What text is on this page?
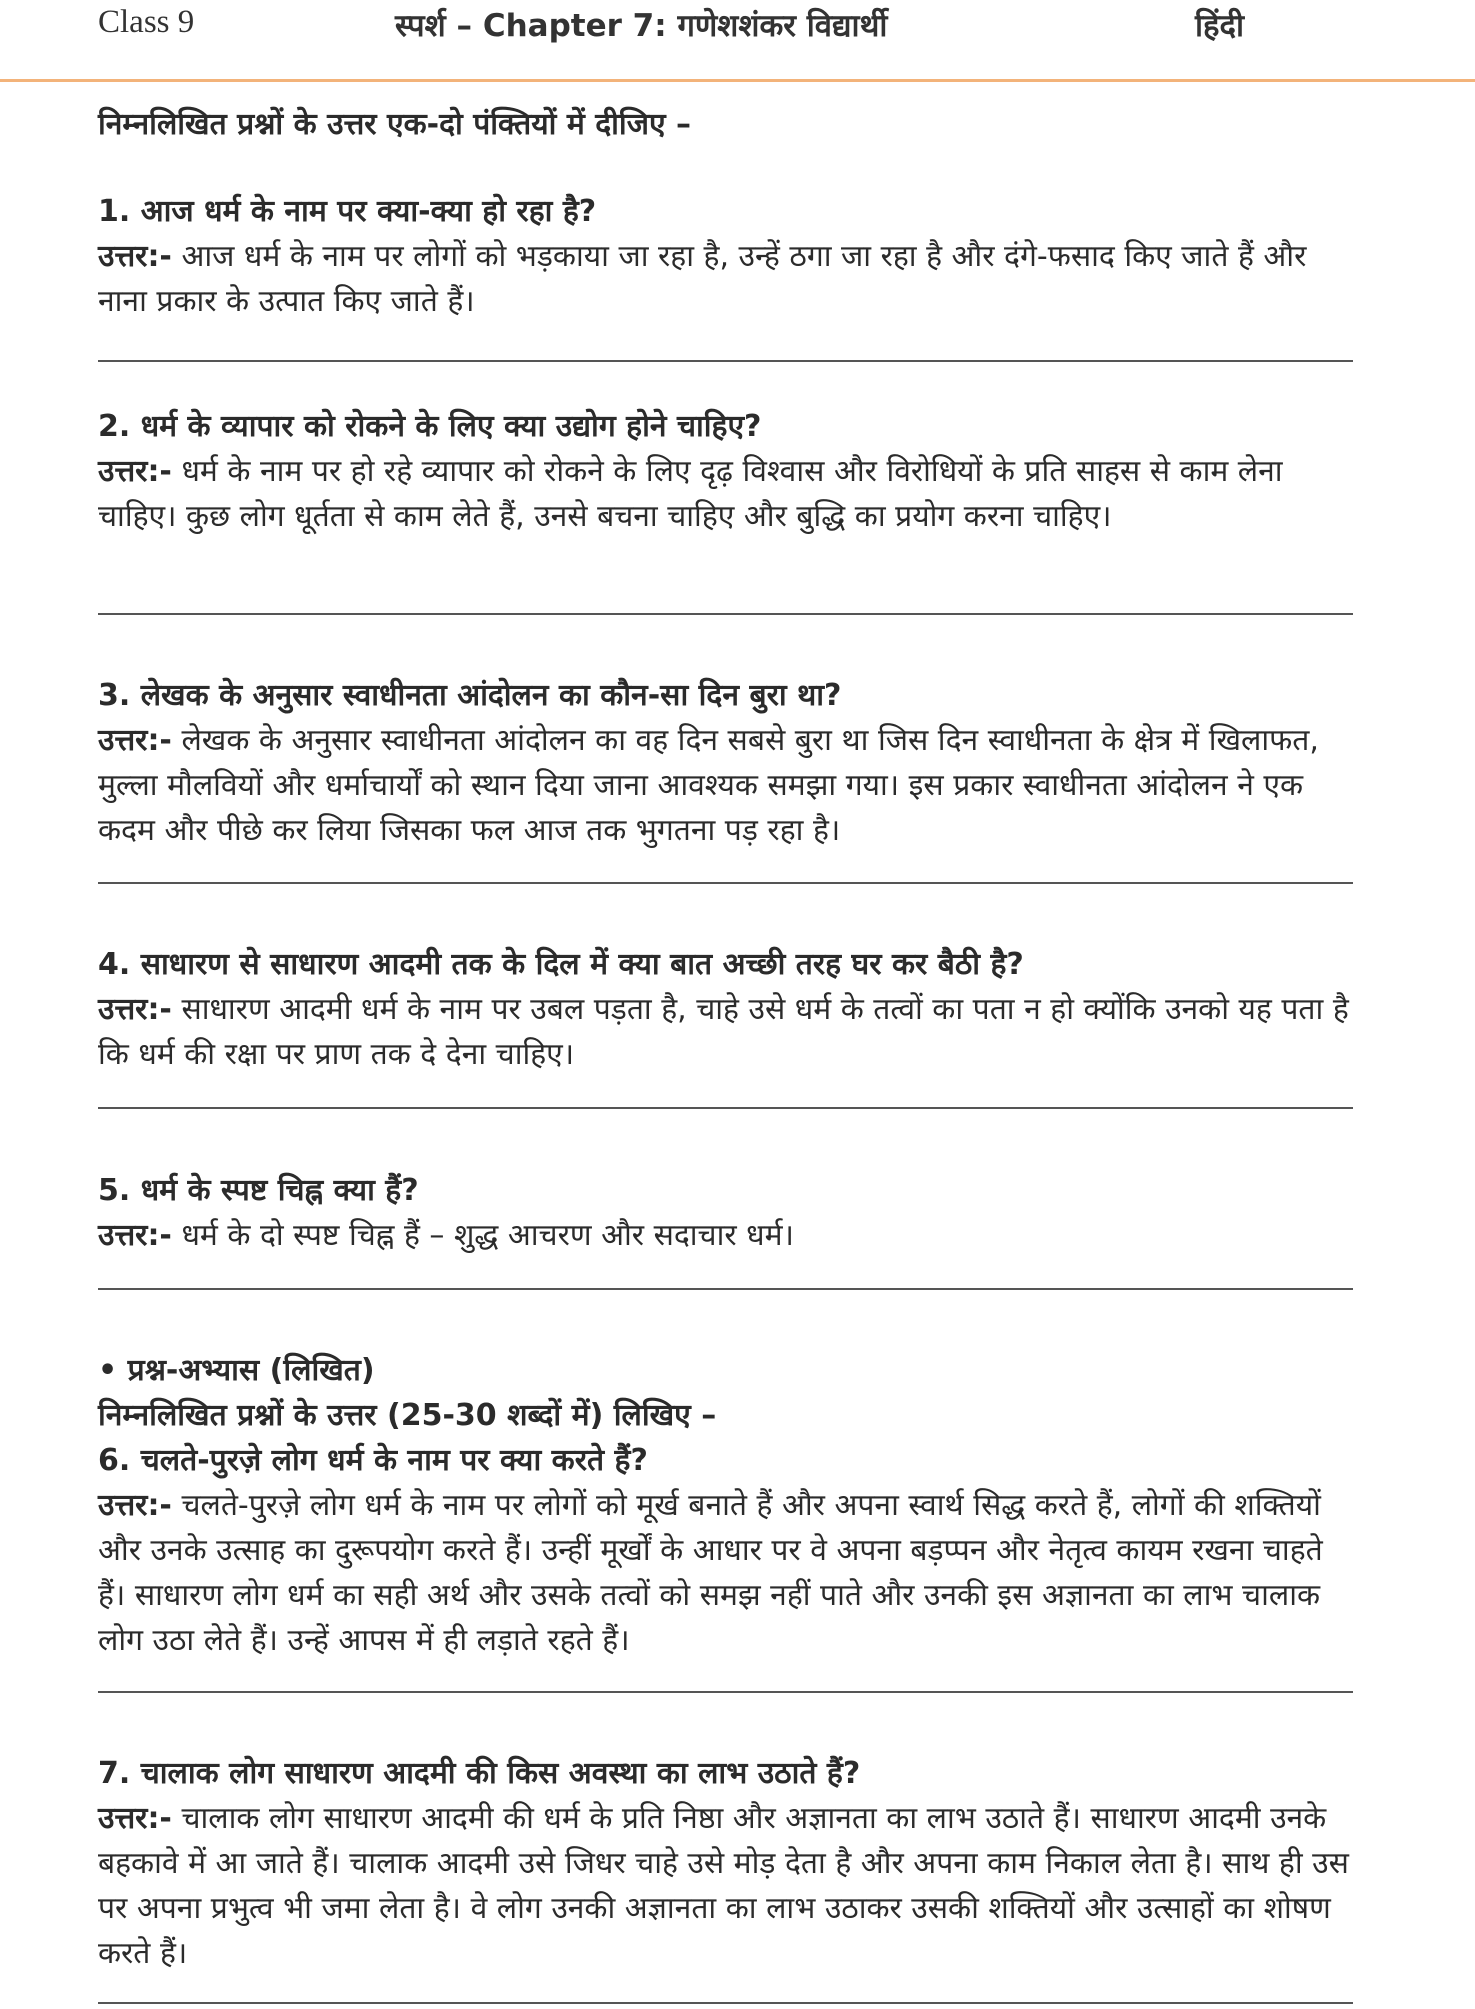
Class 9	स्पर्श – Chapter 7: गणेशशंकर विद्यार्थी	हिंदी
निम्नलिखित प्रश्नों के उत्तर एक-दो पंक्तियों में दीजिए –
1. आज धर्म के नाम पर क्या-क्या हो रहा है?
उत्तर:- आज धर्म के नाम पर लोगों को भड़काया जा रहा है, उन्हें ठगा जा रहा है और दंगे-फसाद किए जाते हैं और नाना प्रकार के उत्पात किए जाते हैं।
2. धर्म के व्यापार को रोकने के लिए क्या उद्योग होने चाहिए?
उत्तर:- धर्म के नाम पर हो रहे व्यापार को रोकने के लिए दृढ़ विश्वास और विरोधियों के प्रति साहस से काम लेना चाहिए। कुछ लोग धूर्तता से काम लेते हैं, उनसे बचना चाहिए और बुद्धि का प्रयोग करना चाहिए।
3. लेखक के अनुसार स्वाधीनता आंदोलन का कौन-सा दिन बुरा था?
उत्तर:- लेखक के अनुसार स्वाधीनता आंदोलन का वह दिन सबसे बुरा था जिस दिन स्वाधीनता के क्षेत्र में खिलाफत, मुल्ला मौलवियों और धर्माचार्यों को स्थान दिया जाना आवश्यक समझा गया। इस प्रकार स्वाधीनता आंदोलन ने एक कदम और पीछे कर लिया जिसका फल आज तक भुगतना पड़ रहा है।
4. साधारण से साधारण आदमी तक के दिल में क्या बात अच्छी तरह घर कर बैठी है?
उत्तर:- साधारण आदमी धर्म के नाम पर उबल पड़ता है, चाहे उसे धर्म के तत्वों का पता न हो क्योंकि उनको यह पता है कि धर्म की रक्षा पर प्राण तक दे देना चाहिए।
5. धर्म के स्पष्ट चिह्न क्या हैं?
उत्तर:- धर्म के दो स्पष्ट चिह्न हैं – शुद्ध आचरण और सदाचार धर्म।
• प्रश्न-अभ्यास (लिखित)
निम्नलिखित प्रश्नों के उत्तर (25-30 शब्दों में) लिखिए –
6. चलते-पुरज़े लोग धर्म के नाम पर क्या करते हैं?
उत्तर:- चलते-पुरज़े लोग धर्म के नाम पर लोगों को मूर्ख बनाते हैं और अपना स्वार्थ सिद्ध करते हैं, लोगों की शक्तियों और उनके उत्साह का दुरूपयोग करते हैं। उन्हीं मूर्खों के आधार पर वे अपना बड़प्पन और नेतृत्व कायम रखना चाहते हैं। साधारण लोग धर्म का सही अर्थ और उसके तत्वों को समझ नहीं पाते और उनकी इस अज्ञानता का लाभ चालाक लोग उठा लेते हैं। उन्हें आपस में ही लड़ाते रहते हैं।
7. चालाक लोग साधारण आदमी की किस अवस्था का लाभ उठाते हैं?
उत्तर:- चालाक लोग साधारण आदमी की धर्म के प्रति निष्ठा और अज्ञानता का लाभ उठाते हैं। साधारण आदमी उनके बहकावे में आ जाते हैं। चालाक आदमी उसे जिधर चाहे उसे मोड़ देता है और अपना काम निकाल लेता है। साथ ही उस पर अपना प्रभुत्व भी जमा लेता है। वे लोग उनकी अज्ञानता का लाभ उठाकर उसकी शक्तियों और उत्साहों का शोषण करते हैं।
